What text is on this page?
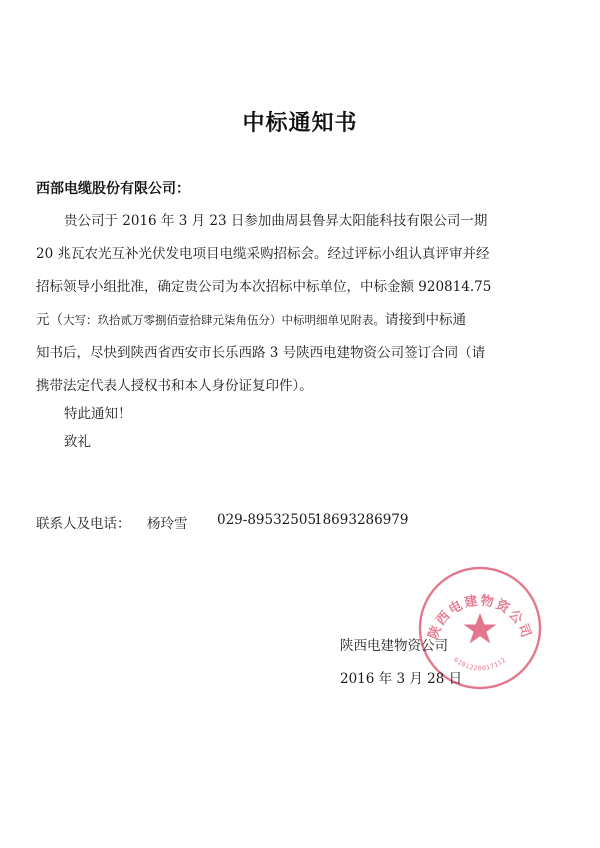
中标通知书
西部电缆股份有限公司：
贵公司于 2016 年 3 月 23 日参加曲周县鲁昇太阳能科技有限公司一期
20 兆瓦农光互补光伏发电项目电缆采购招标会。经过评标小组认真评审并经
招标领导小组批准，确定贵公司为本次招标中标单位，中标金额 920814.75
元（大写：玖拾贰万零捌佰壹拾肆元柒角伍分）中标明细单见附表。请接到中标通
知书后，尽快到陕西省西安市长乐西路 3 号陕西电建物资公司签订合同（请
携带法定代表人授权书和本人身份证复印件）。
特此通知！
致礼
联系人及电话： 杨玲雪 029-89532505
18693286979
陕西电建物资公司
6101220017112
陕西电建物资公司
2016 年 3 月 28 日
